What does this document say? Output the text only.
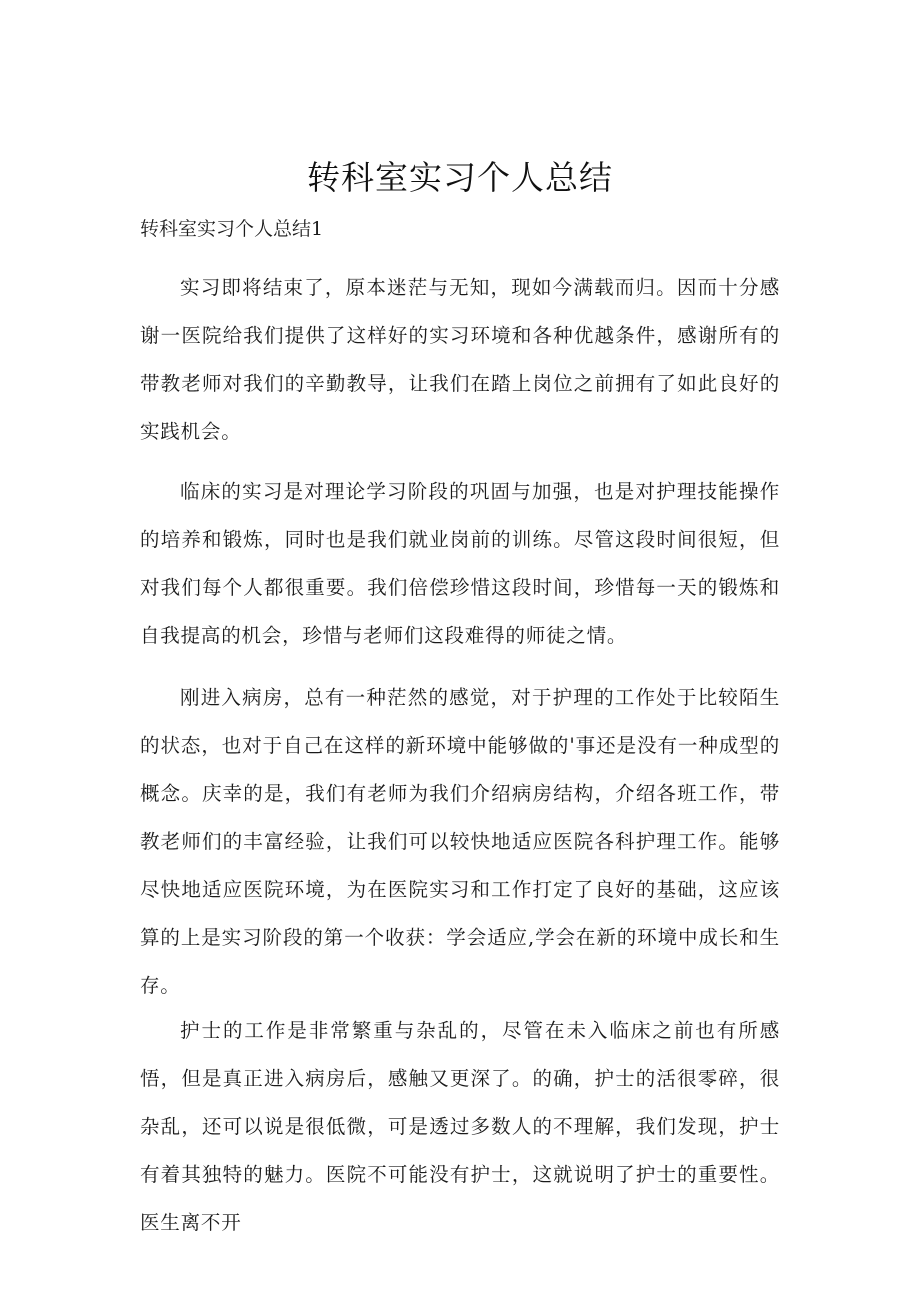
转科室实习个人总结
转科室实习个人总结1

实习即将结束了，原本迷茫与无知，现如今满载而归。因而十分感谢一医院给我们提供了这样好的实习环境和各种优越条件，感谢所有的带教老师对我们的辛勤教导，让我们在踏上岗位之前拥有了如此良好的实践机会。

临床的实习是对理论学习阶段的巩固与加强，也是对护理技能操作的培养和锻炼，同时也是我们就业岗前的训练。尽管这段时间很短，但对我们每个人都很重要。我们倍偿珍惜这段时间，珍惜每一天的锻炼和自我提高的机会，珍惜与老师们这段难得的师徒之情。

刚进入病房，总有一种茫然的感觉，对于护理的工作处于比较陌生的状态，也对于自己在这样的新环境中能够做的'事还是没有一种成型的概念。庆幸的是，我们有老师为我们介绍病房结构，介绍各班工作，带教老师们的丰富经验，让我们可以较快地适应医院各科护理工作。能够尽快地适应医院环境，为在医院实习和工作打定了良好的基础，这应该算的上是实习阶段的第一个收获：学会适应,学会在新的环境中成长和生存。

护士的工作是非常繁重与杂乱的，尽管在未入临床之前也有所感悟，但是真正进入病房后，感触又更深了。的确，护士的活很零碎，很杂乱，还可以说是很低微，可是透过多数人的不理解，我们发现，护士有着其独特的魅力。医院不可能没有护士，这就说明了护士的重要性。医生离不开
